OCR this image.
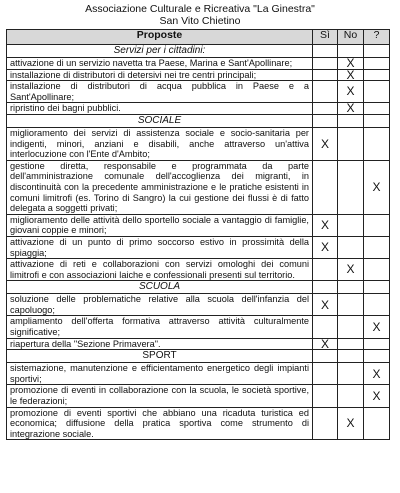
Associazione Culturale e Ricreativa "La Ginestra"
San Vito Chietino
Proposte	Sì	No	?
Servizi per i cittadini:			
attivazione di un servizio navetta tra Paese, Marina e Sant'Apollinare;		X	
installazione di distributori di detersivi nei tre centri principali;		X	
installazione di distributori di acqua pubblica in Paese e a Sant'Apollinare;		X	
ripristino dei bagni pubblici.		X	
SOCIALE			
miglioramento dei servizi di assistenza sociale e socio-sanitaria per indigenti, minori, anziani e disabili, anche attraverso un'attiva interlocuzione con l'Ente d'Ambito;	X		
gestione diretta, responsabile e programmata da parte dell'amministrazione comunale dell'accoglienza dei migranti, in discontinuità con la precedente amministrazione e le pratiche esistenti in comuni limitrofi (es. Torino di Sangro) la cui gestione dei flussi è di fatto delegata a soggetti privati;			X
miglioramento delle attività dello sportello sociale a vantaggio di famiglie, giovani coppie e minori;	X		
attivazione di un punto di primo soccorso estivo in prossimità della spiaggia;	X		
attivazione di reti e collaborazioni con servizi omologhi dei comuni limitrofi e con associazioni laiche e confessionali presenti sul territorio.		X	
SCUOLA			
soluzione delle problematiche relative alla scuola dell'infanzia del capoluogo;	X		
ampliamento dell'offerta formativa attraverso attività culturalmente significative;			X
riapertura della "Sezione Primavera".	X		
SPORT			
sistemazione, manutenzione e efficientamento energetico degli impianti sportivi;			X
promozione di eventi in collaborazione con la scuola, le società sportive, le federazioni;			X
promozione di eventi sportivi che abbiano una ricaduta turistica ed economica; diffusione della pratica sportiva come strumento di integrazione sociale.		X	
